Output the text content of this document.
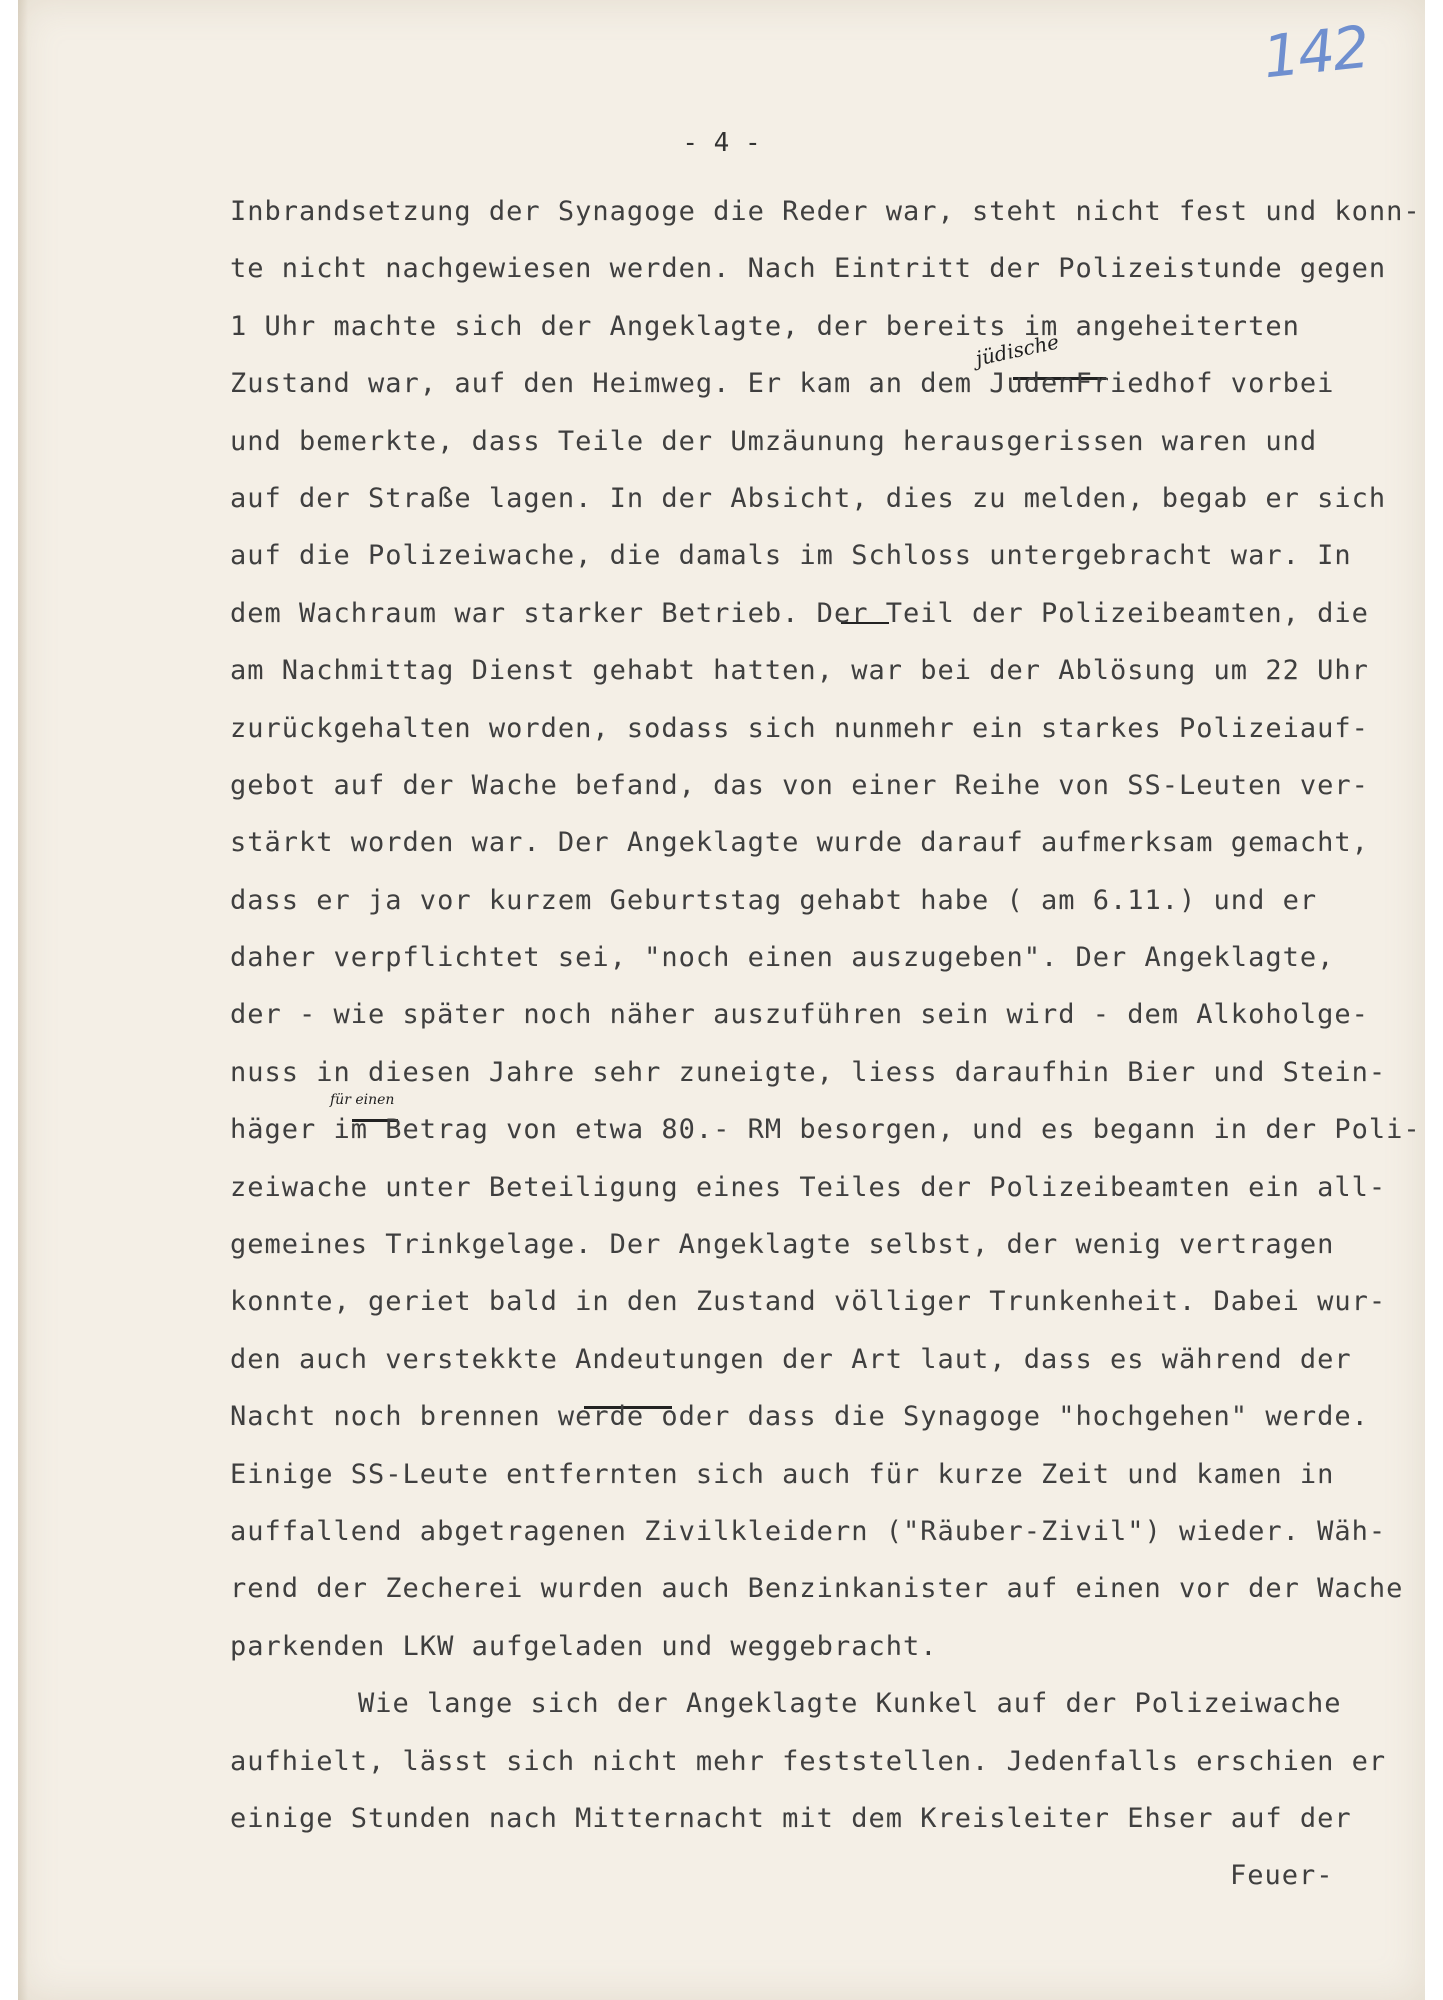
142
- 4 -
jüdische
für einen
Inbrandsetzung der Synagoge die Reder war, steht nicht fest und konn-
te nicht nachgewiesen werden. Nach Eintritt der Polizeistunde gegen
1 Uhr machte sich der Angeklagte, der bereits im angeheiterten
Zustand war, auf den Heimweg. Er kam an dem JudenFriedhof vorbei
und bemerkte, dass Teile der Umzäunung herausgerissen waren und
auf der Straße lagen. In der Absicht, dies zu melden, begab er sich
auf die Polizeiwache, die damals im Schloss untergebracht war. In
dem Wachraum war starker Betrieb. Der Teil der Polizeibeamten, die
am Nachmittag Dienst gehabt hatten, war bei der Ablösung um 22 Uhr
zurückgehalten worden, sodass sich nunmehr ein starkes Polizeiauf-
gebot auf der Wache befand, das von einer Reihe von SS-Leuten ver-
stärkt worden war. Der Angeklagte wurde darauf aufmerksam gemacht,
dass er ja vor kurzem Geburtstag gehabt habe ( am 6.11.) und er
daher verpflichtet sei, "noch einen auszugeben". Der Angeklagte,
der - wie später noch näher auszuführen sein wird - dem Alkoholge-
nuss in diesen Jahre sehr zuneigte, liess daraufhin Bier und Stein-
häger im Betrag von etwa 80.- RM besorgen, und es begann in der Poli-
zeiwache unter Beteiligung eines Teiles der Polizeibeamten ein all-
gemeines Trinkgelage. Der Angeklagte selbst, der wenig vertragen
konnte, geriet bald in den Zustand völliger Trunkenheit. Dabei wur-
den auch verstekkte Andeutungen der Art laut, dass es während der
Nacht noch brennen werde oder dass die Synagoge "hochgehen" werde.
Einige SS-Leute entfernten sich auch für kurze Zeit und kamen in
auffallend abgetragenen Zivilkleidern ("Räuber-Zivil") wieder. Wäh-
rend der Zecherei wurden auch Benzinkanister auf einen vor der Wache
parkenden LKW aufgeladen und weggebracht.
Wie lange sich der Angeklagte Kunkel auf der Polizeiwache
aufhielt, lässt sich nicht mehr feststellen. Jedenfalls erschien er
einige Stunden nach Mitternacht mit dem Kreisleiter Ehser auf der
Feuer-
